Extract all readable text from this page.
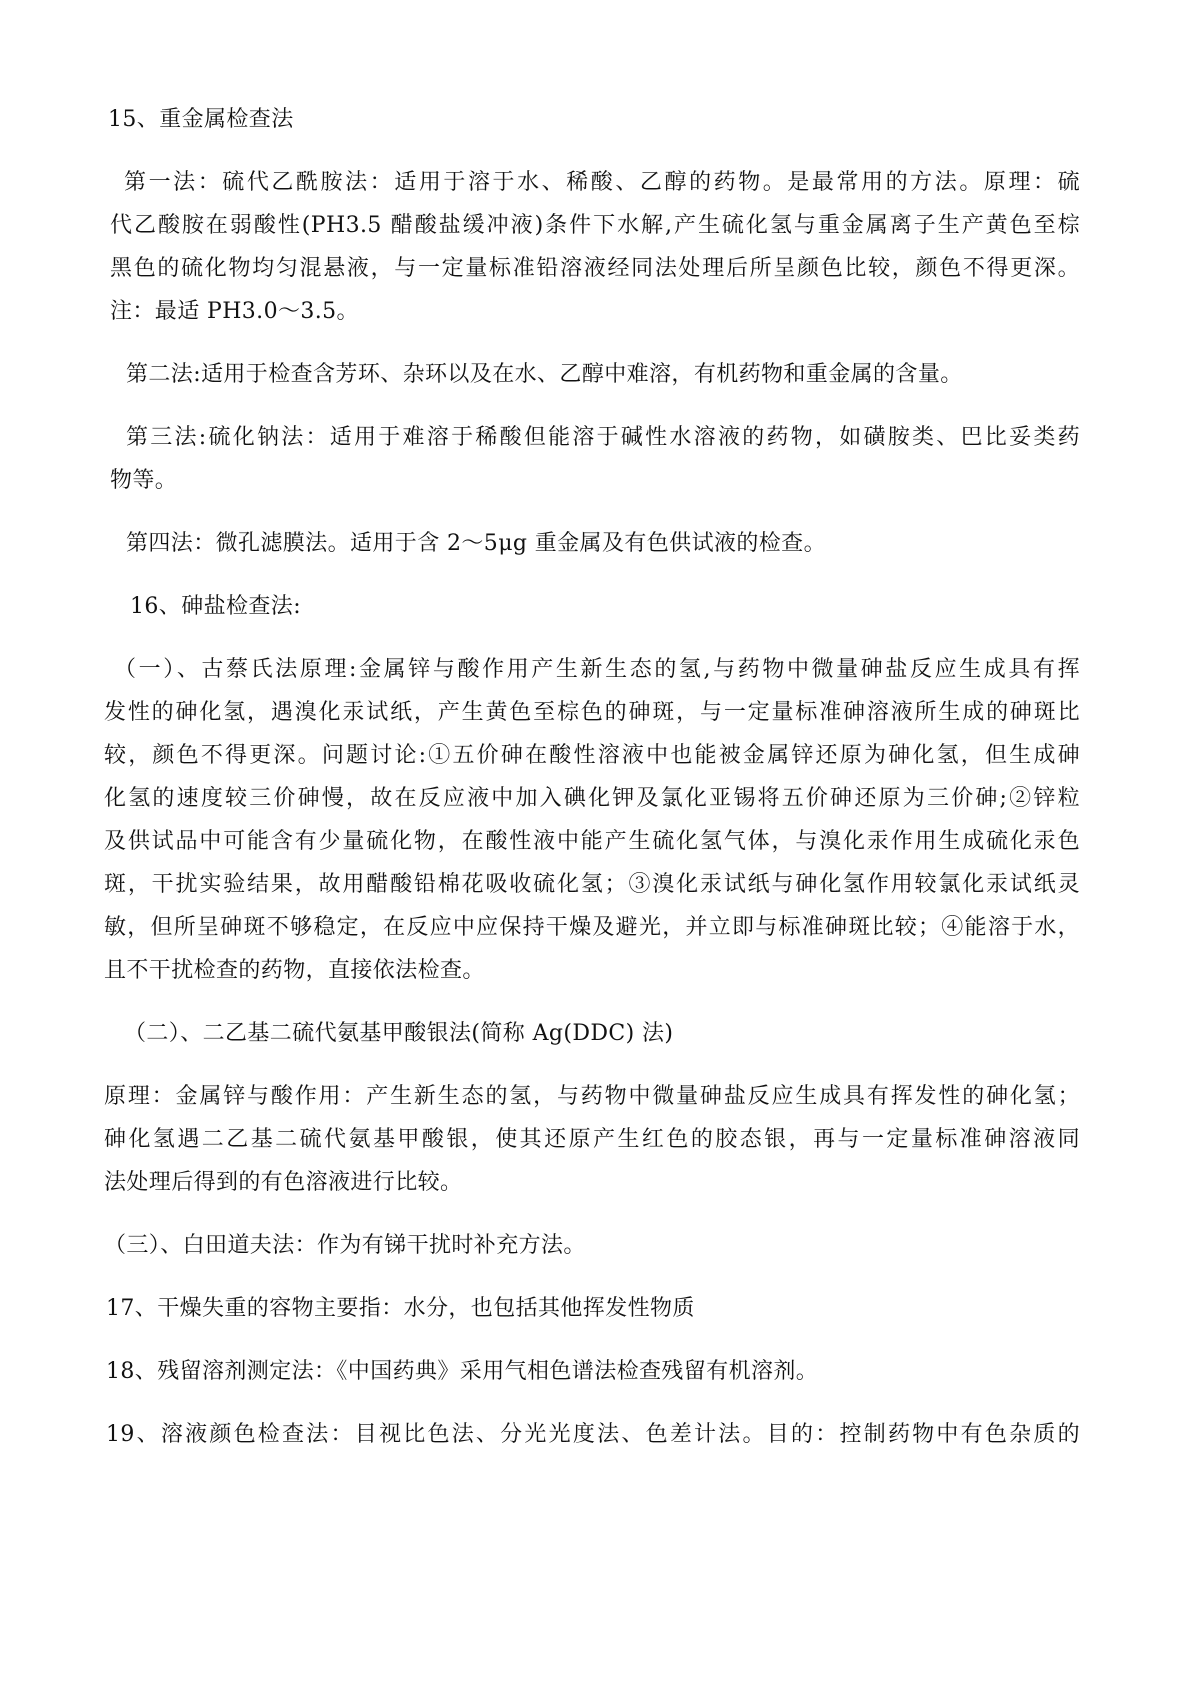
15、重金属检查法
第一法：硫代乙酰胺法：适用于溶于水、稀酸、乙醇的药物。是最常用的方法。原理：硫
代乙酸胺在弱酸性(PH3.5 醋酸盐缓冲液)条件下水解,产生硫化氢与重金属离子生产黄色至棕
黑色的硫化物均匀混悬液，与一定量标准铅溶液经同法处理后所呈颜色比较，颜色不得更深。
注：最适 PH3.0～3.5。
第二法:适用于检查含芳环、杂环以及在水、乙醇中难溶，有机药物和重金属的含量。
第三法:硫化钠法：适用于难溶于稀酸但能溶于碱性水溶液的药物，如磺胺类、巴比妥类药
物等。
第四法：微孔滤膜法。适用于含 2～5μg 重金属及有色供试液的检查。
16、砷盐检查法:
（一）、古蔡氏法原理:金属锌与酸作用产生新生态的氢,与药物中微量砷盐反应生成具有挥
发性的砷化氢，遇溴化汞试纸，产生黄色至棕色的砷斑，与一定量标准砷溶液所生成的砷斑比
较，颜色不得更深。问题讨论:①五价砷在酸性溶液中也能被金属锌还原为砷化氢，但生成砷
化氢的速度较三价砷慢，故在反应液中加入碘化钾及氯化亚锡将五价砷还原为三价砷;②锌粒
及供试品中可能含有少量硫化物，在酸性液中能产生硫化氢气体，与溴化汞作用生成硫化汞色
斑，干扰实验结果，故用醋酸铅棉花吸收硫化氢；③溴化汞试纸与砷化氢作用较氯化汞试纸灵
敏，但所呈砷斑不够稳定，在反应中应保持干燥及避光，并立即与标准砷斑比较；④能溶于水，
且不干扰检查的药物，直接依法检查。
（二）、二乙基二硫代氨基甲酸银法(简称 Ag(DDC) 法)
原理：金属锌与酸作用：产生新生态的氢，与药物中微量砷盐反应生成具有挥发性的砷化氢；
砷化氢遇二乙基二硫代氨基甲酸银，使其还原产生红色的胶态银，再与一定量标准砷溶液同
法处理后得到的有色溶液进行比较。
（三）、白田道夫法：作为有锑干扰时补充方法。
17、干燥失重的容物主要指：水分，也包括其他挥发性物质
18、残留溶剂测定法：《中国药典》采用气相色谱法检查残留有机溶剂。
19、溶液颜色检查法：目视比色法、分光光度法、色差计法。目的：控制药物中有色杂质的
